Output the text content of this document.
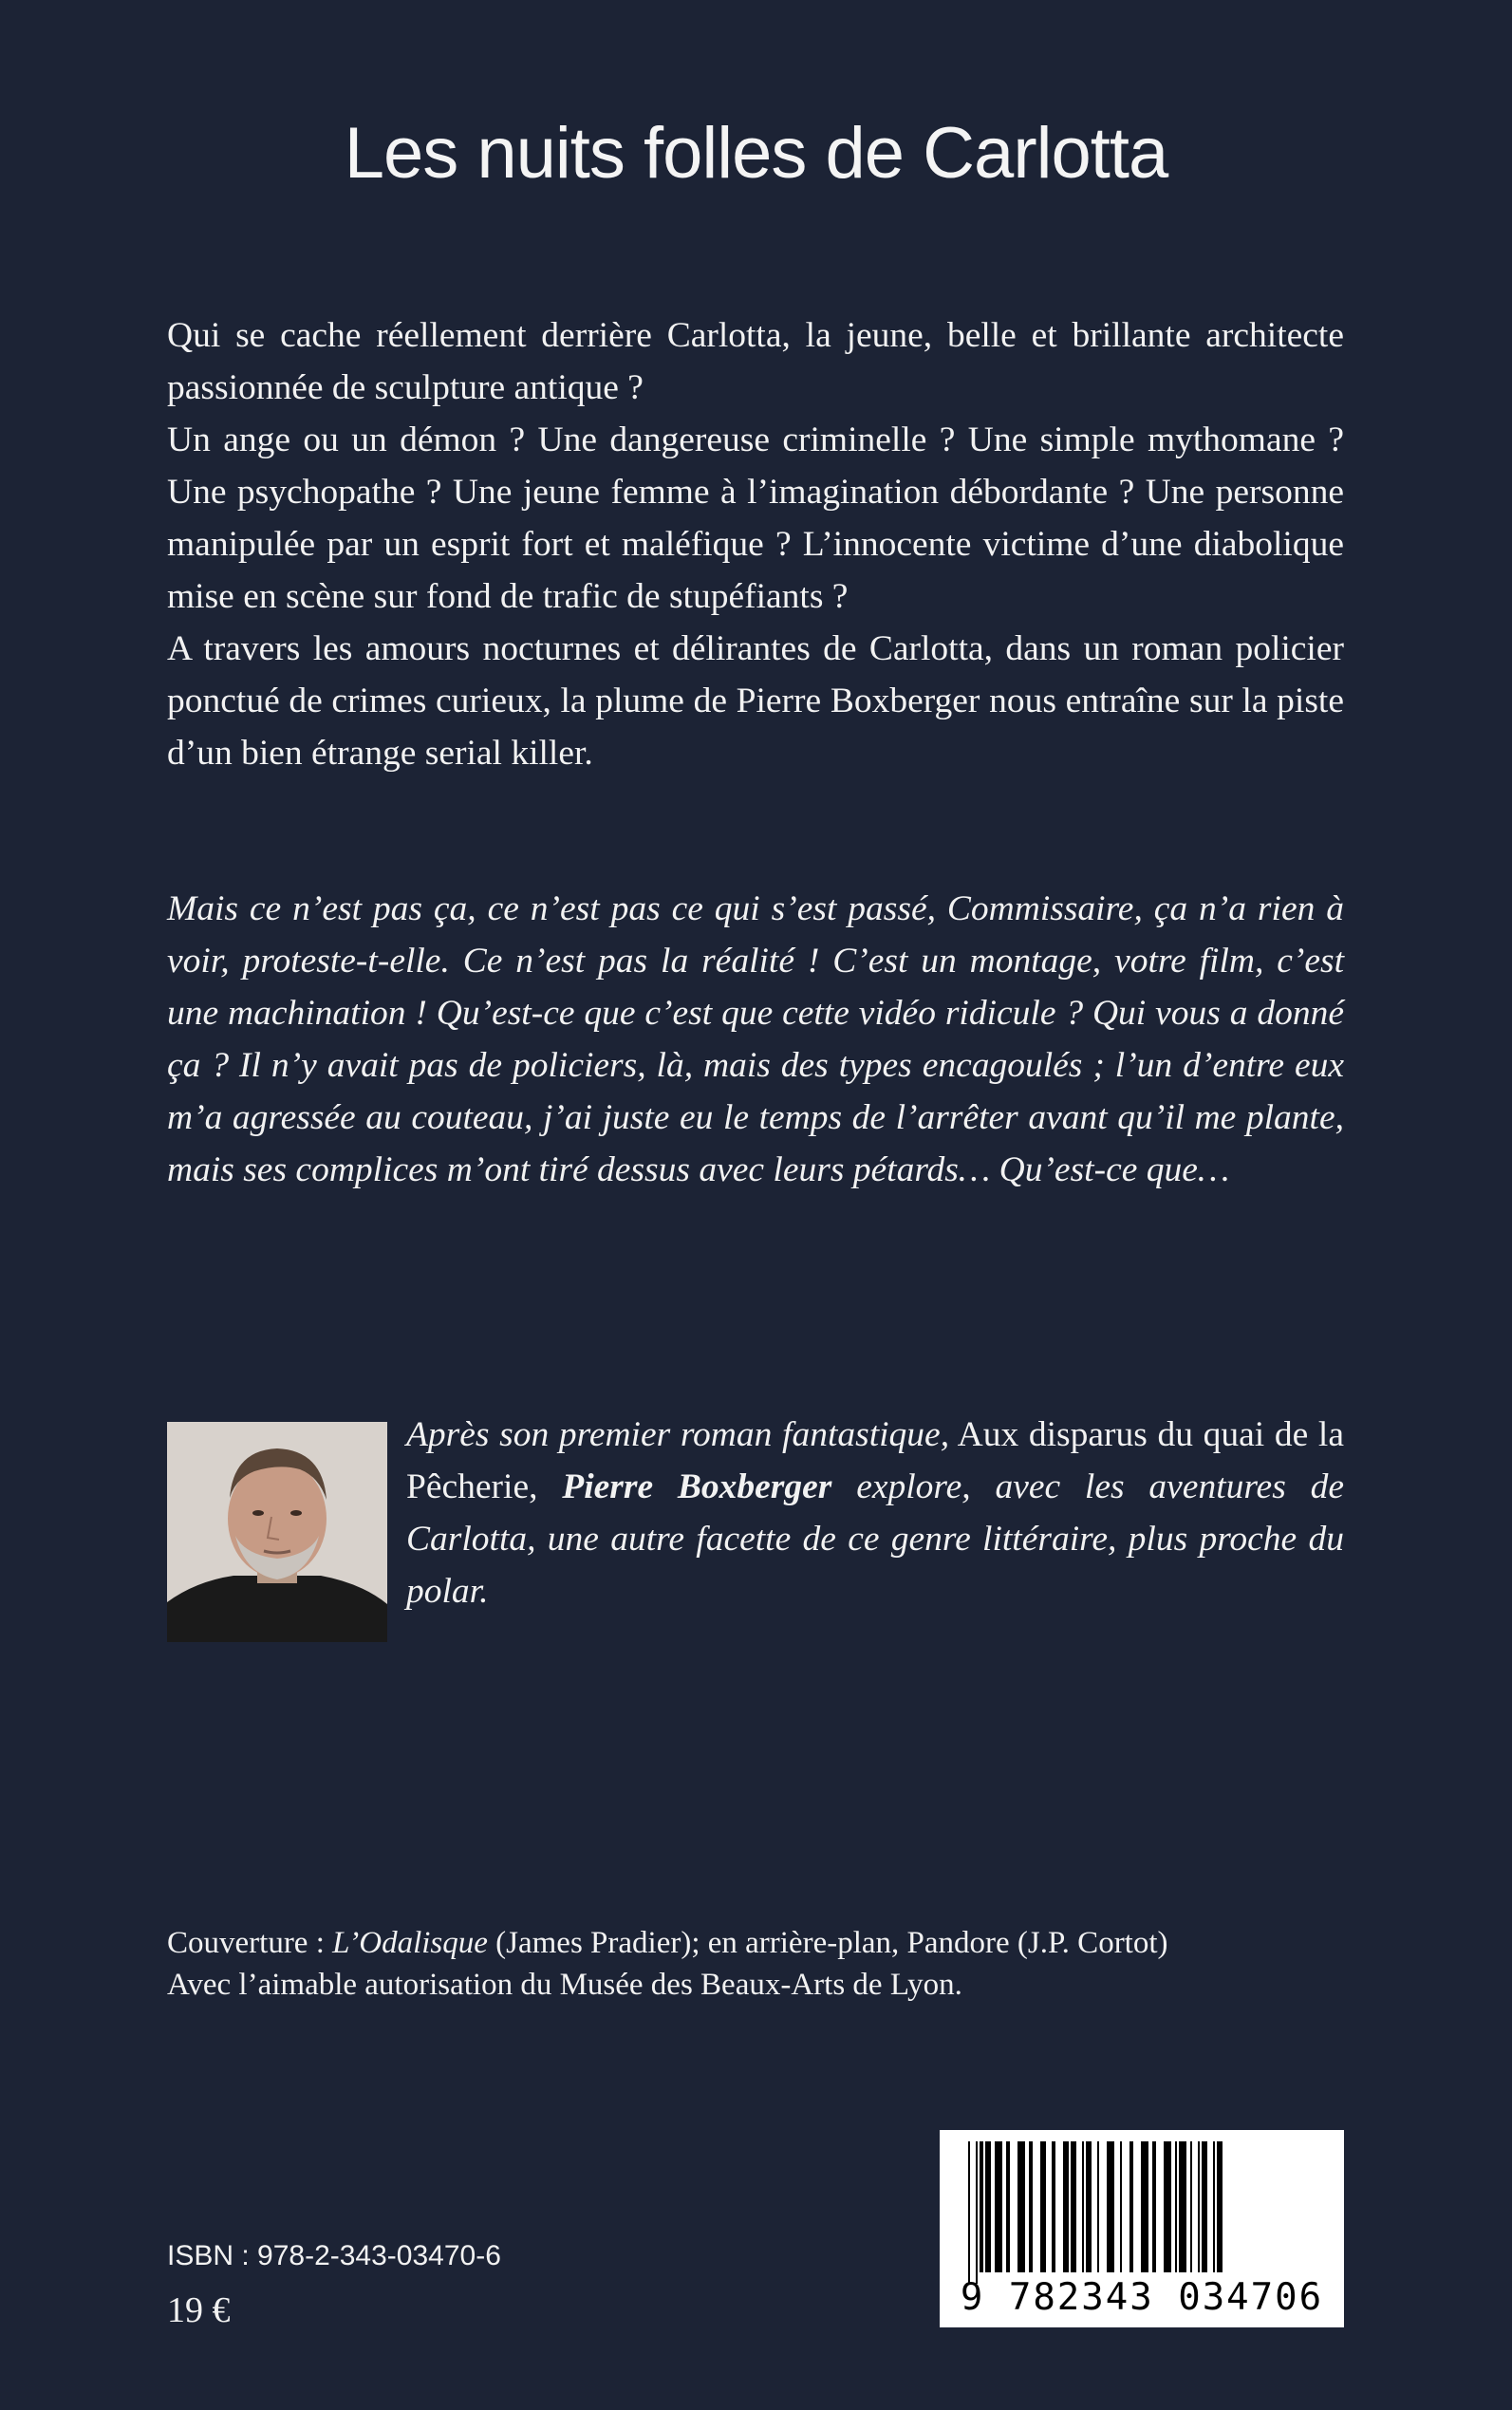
Les nuits folles de Carlotta

Qui se cache réellement derrière Carlotta, la jeune, belle et brillante architecte passionnée de sculpture antique ?

Un ange ou un démon ? Une dangereuse criminelle ? Une simple mythomane ? Une psychopathe ? Une jeune femme à l’imagination débordante ? Une personne manipulée par un esprit fort et maléfique ? L’innocente victime d’une diabolique mise en scène sur fond de trafic de stupéfiants ?

A travers les amours nocturnes et délirantes de Carlotta, dans un roman policier ponctué de crimes curieux, la plume de Pierre Boxberger nous entraîne sur la piste d’un bien étrange serial killer.

Mais ce n’est pas ça, ce n’est pas ce qui s’est passé, Commissaire, ça n’a rien à voir, proteste-t-elle. Ce n’est pas la réalité ! C’est un montage, votre film, c’est une machination ! Qu’est-ce que c’est que cette vidéo ridicule ? Qui vous a donné ça ? Il n’y avait pas de policiers, là, mais des types encagoulés ; l’un d’entre eux m’a agressée au couteau, j’ai juste eu le temps de l’arrêter avant qu’il me plante, mais ses complices m’ont tiré dessus avec leurs pétards… Qu’est-ce que…
Après son premier roman fantastique, Aux disparus du quai de la Pêcherie, Pierre Boxberger explore, avec les aventures de Carlotta, une autre facette de ce genre littéraire, plus proche du polar.
Couverture : L’Odalisque (James Pradier); en arrière-plan, Pandore (J.P. Cortot)
Avec l’aimable autorisation du Musée des Beaux-Arts de Lyon.
ISBN : 978-2-343-03470-6
19 €	9 782343 034706
